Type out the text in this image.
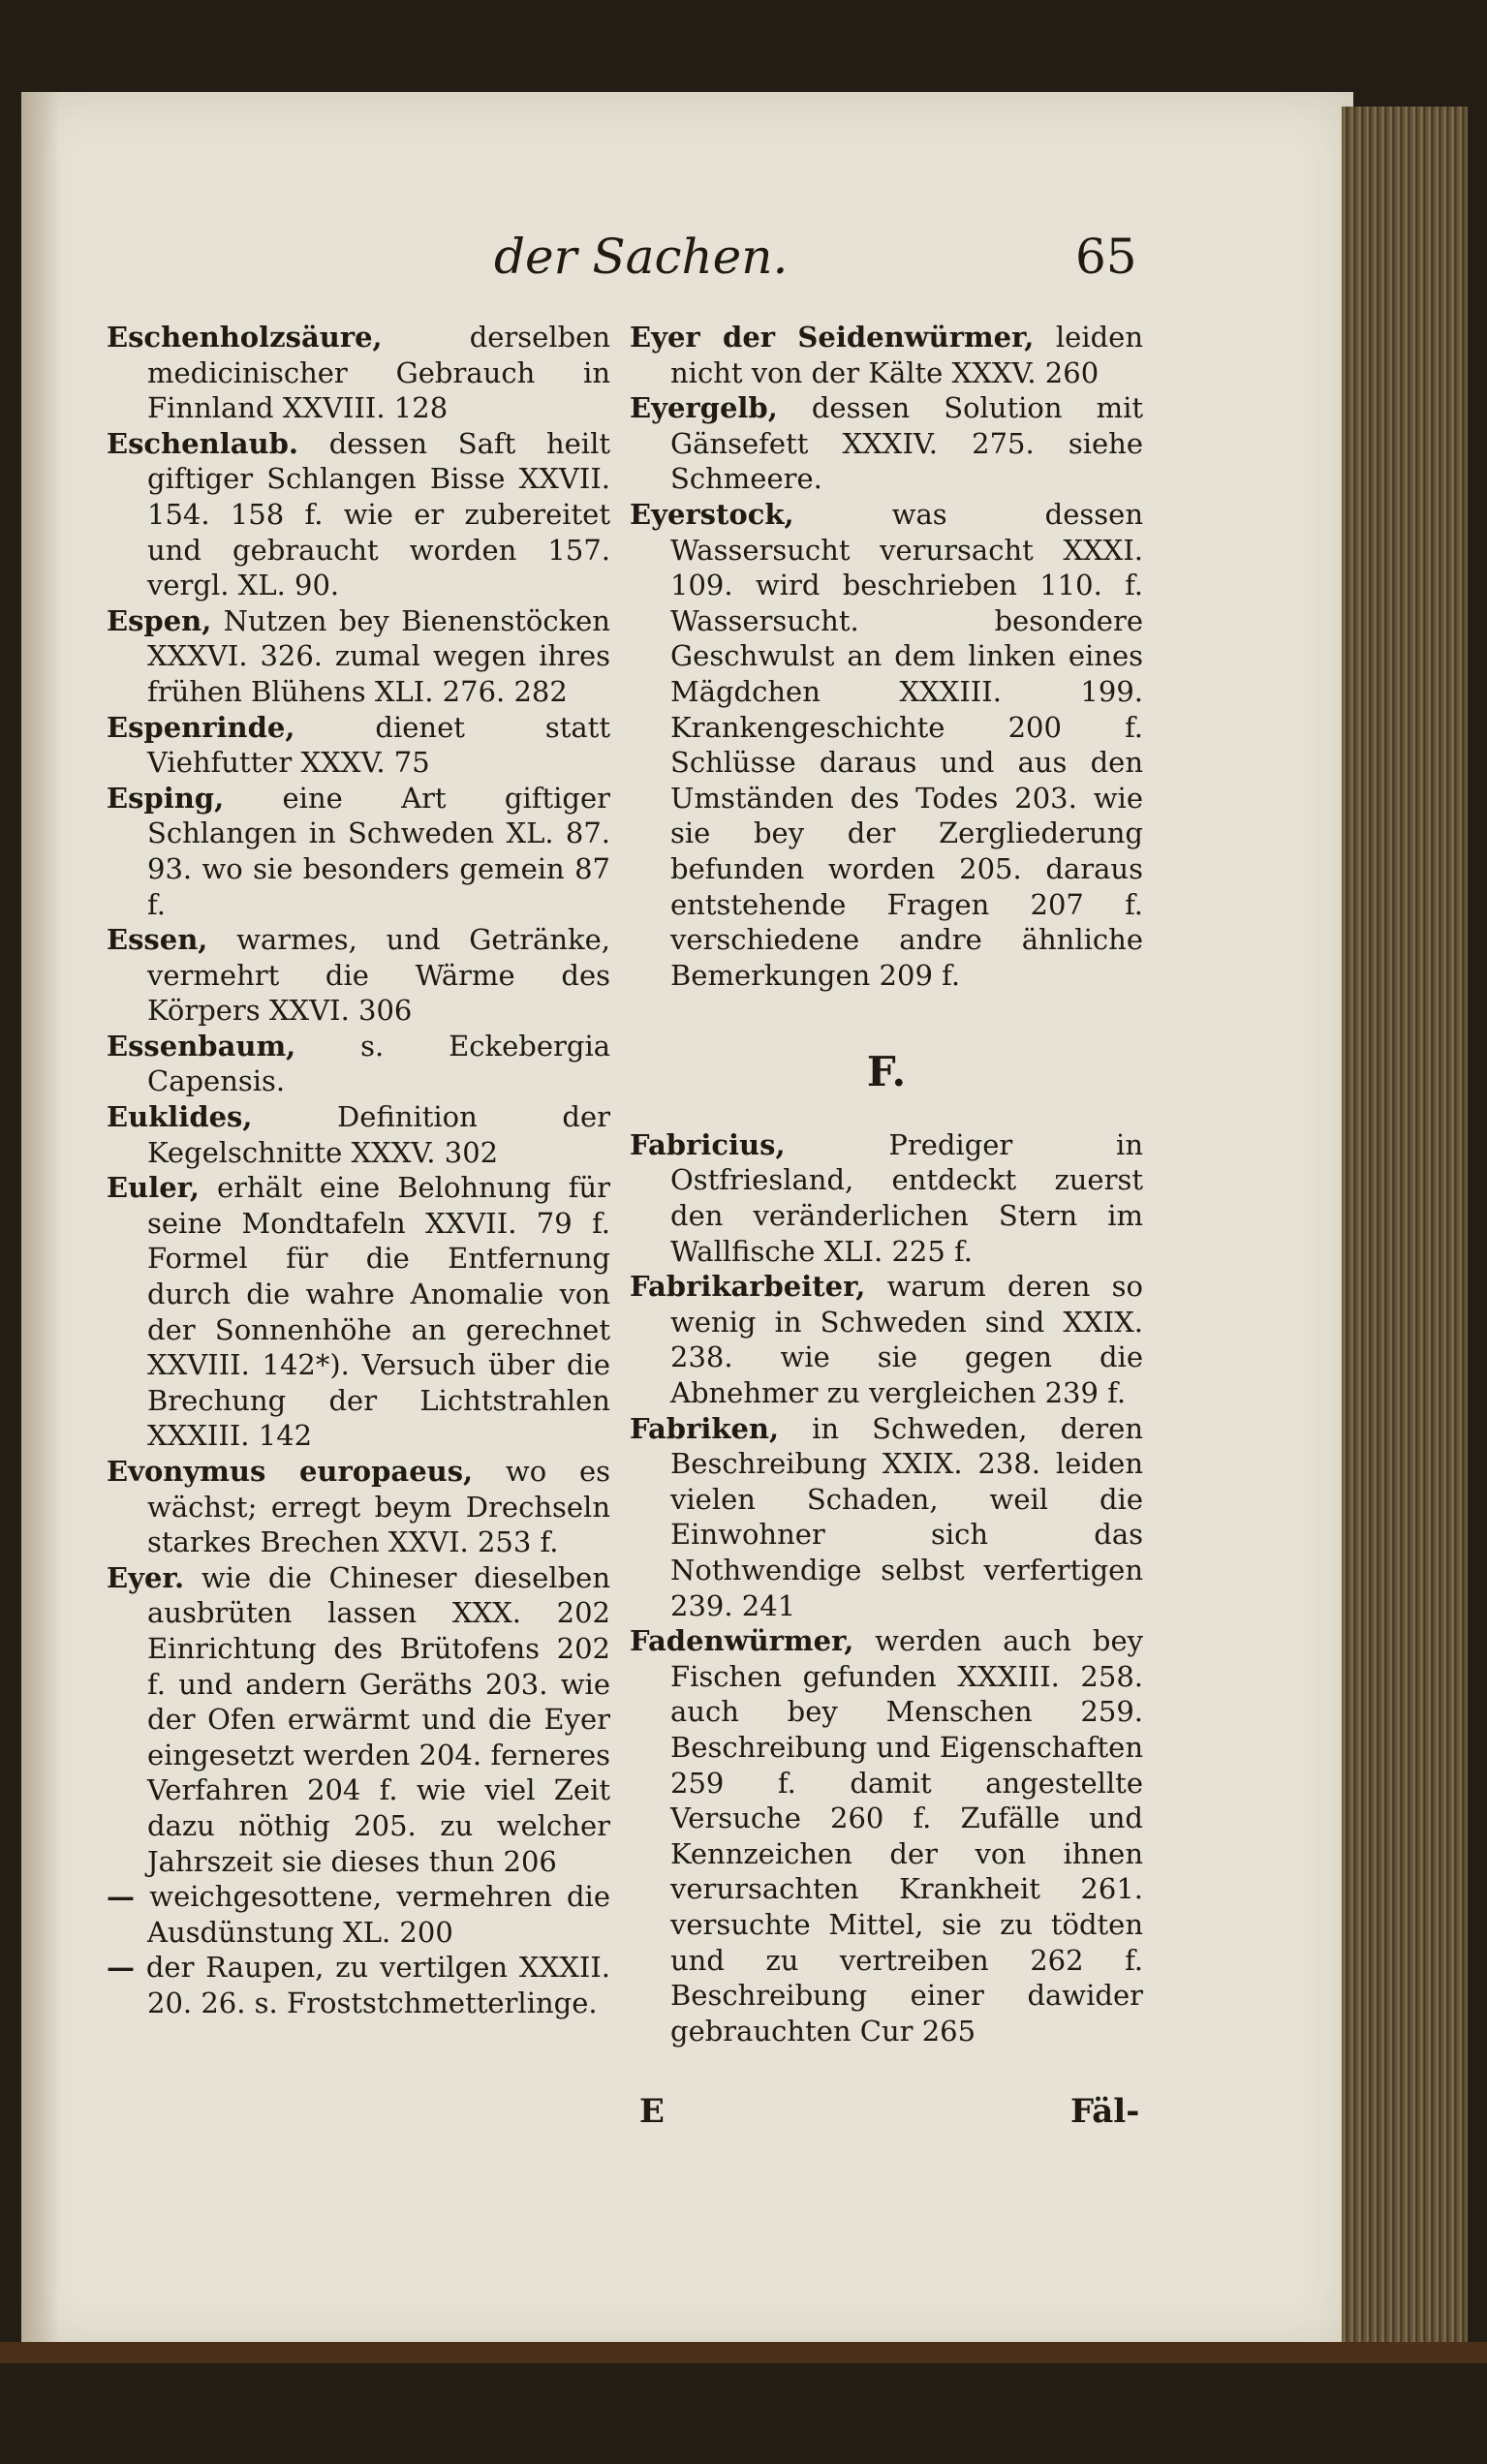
der Sachen.	65

Eschenholzsäure,	derselben medicinischer Gebrauch in Finnland XXVIII. 128

Eschenlaub. dessen Saft heilt giftiger Schlangen Bisse XXVII. 154. 158 f. wie er zubereitet und gebraucht worden 157. vergl. XL. 90.

Espen, Nutzen bey Bienenstöcken XXXVI. 326. zumal wegen ihres frühen Blühens XLI. 276. 282

Espenrinde,	dienet statt Viehfutter XXXV. 75

Esping, eine Art giftiger Schlangen in Schweden XL. 87. 93. wo sie besonders gemein 87 f.

Essen, warmes, und Getränke, vermehrt die Wärme des Körpers XXVI. 306

Essenbaum, s. Eckebergia Capensis.

Euklides,	Definition der Kegelschnitte XXXV. 302

Euler, erhält eine Belohnung für seine Mondtafeln XXVII. 79 f. Formel für die Entfernung durch die wahre Anomalie von der Sonnenhöhe an gerechnet XXVIII. 142*). Versuch über die Brechung der Lichtstrahlen XXXIII. 142

Evonymus europaeus, wo es wächst; erregt beym Drechseln starkes Brechen XXVI. 253 f.

Eyer. wie die Chineser dieselben ausbrüten lassen XXX. 202 Einrichtung des Brütofens 202 f. und andern Geräths 203. wie der Ofen erwärmt und die Eyer eingesetzt werden 204. ferneres Verfahren 204 f. wie viel Zeit dazu nöthig 205. zu welcher Jahrszeit sie dieses thun 206

— weichgesottene, vermehren die Ausdünstung XL. 200

— der Raupen, zu vertilgen XXXII. 20. 26. s. Froststchmetterlinge.

Eyer der Seidenwürmer, leiden nicht von der Kälte XXXV. 260

Eyergelb, dessen Solution mit Gänsefett XXXIV. 275. siehe Schmeere.

Eyerstock,	was dessen Wassersucht verursacht XXXI. 109. wird beschrieben 110. f. Wassersucht. besondere Geschwulst an dem linken eines Mägdchen XXXIII. 199. Krankengeschichte 200 f. Schlüsse daraus und aus den Umständen des Todes 203. wie sie bey der Zergliederung befunden worden 205. daraus entstehende Fragen 207 f. verschiedene andre ähnliche Bemerkungen 209 f.

F.

Fabricius,	Prediger in Ostfriesland, entdeckt zuerst den veränderlichen Stern im Wallfische XLI. 225 f.

Fabrikarbeiter, warum deren so wenig in Schweden sind XXIX. 238. wie sie gegen die Abnehmer zu vergleichen 239 f.

Fabriken, in Schweden, deren Beschreibung XXIX. 238. leiden vielen Schaden, weil die Einwohner sich das Nothwendige selbst verfertigen 239. 241

Fadenwürmer, werden auch bey Fischen gefunden XXXIII. 258. auch bey Menschen 259. Beschreibung und Eigenschaften 259 f. damit angestellte Versuche 260 f. Zufälle und Kennzeichen der von ihnen verursachten Krankheit 261. versuchte Mittel, sie zu tödten und zu vertreiben 262 f. Beschreibung einer dawider gebrauchten Cur 265

E	Fäl-
